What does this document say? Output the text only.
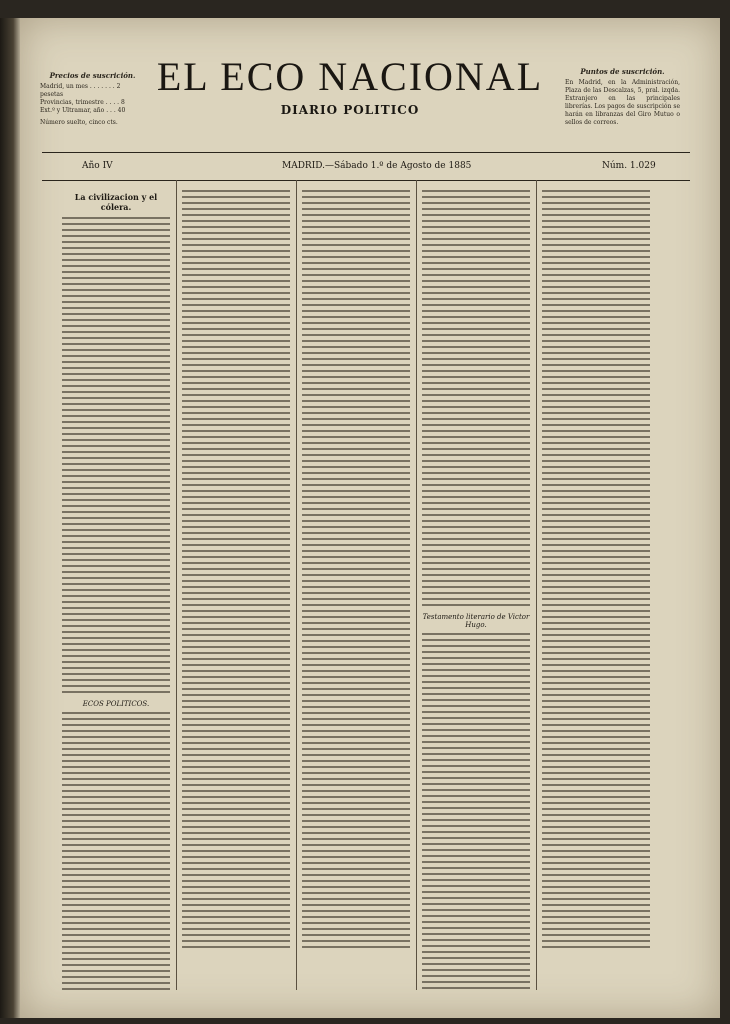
Precios de suscrición.
Madrid, un mes . . . . . . . 2 pesetas
Provincias, trimestre . . . . 8
Ext.º y Ultramar, año . . . 40
Número suelto, cinco cts.
EL ECO NACIONAL
DIARIO POLITICO
Puntos de suscrición.
En Madrid, en la Administración, Plaza de las Descalzas, 5, pral. izqda. Extranjero en las principales librerías. Los pagos de suscripción se harán en libranzas del Giro Mutuo o sellos de correos.
Año IV	MADRID.—Sábado 1.º de Agosto de 1885	Núm. 1.029
La civilizacion y el cólera.
ECOS POLITICOS.
Testamento literario de Victor Hugo.
